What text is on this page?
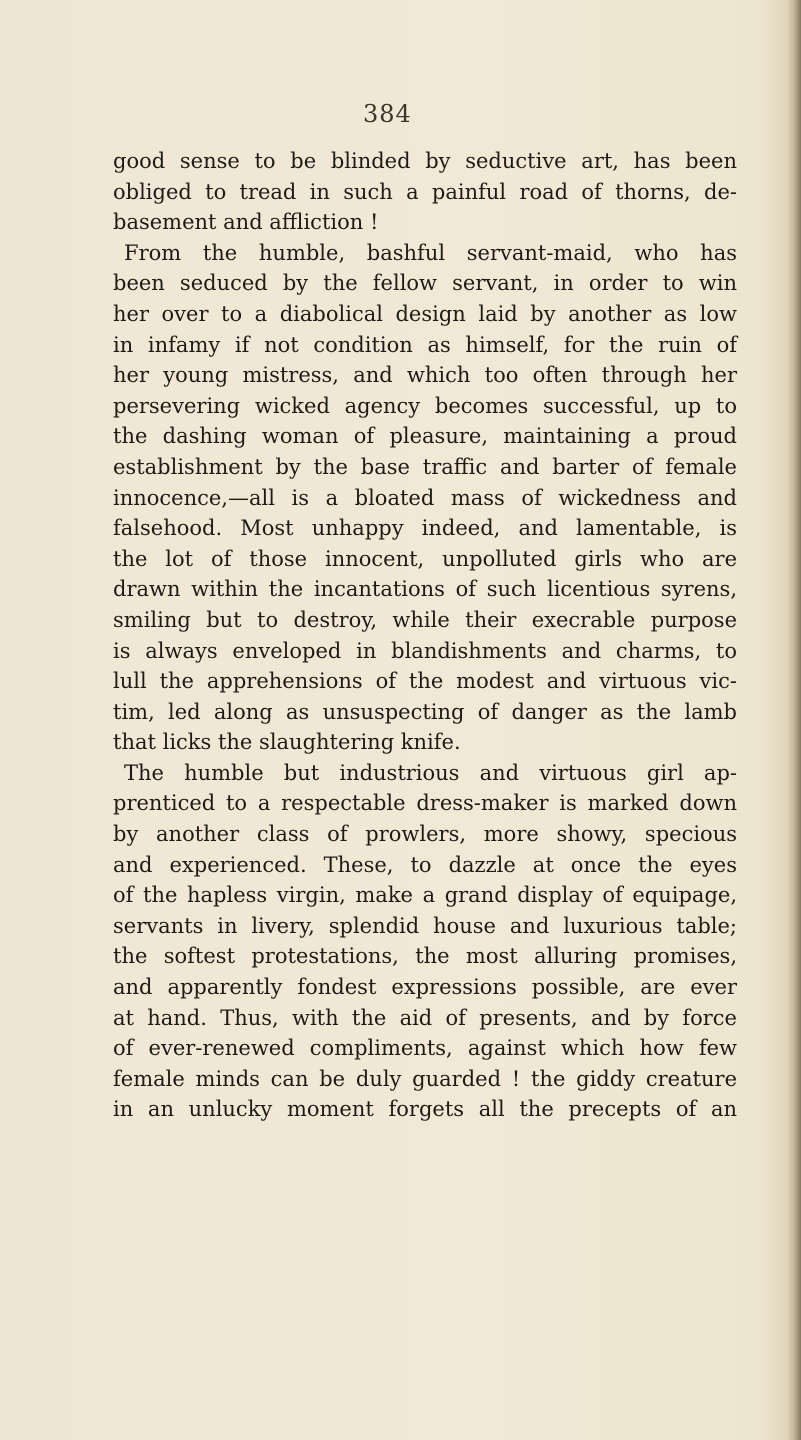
384

good sense to be blinded by seductive art, has been

obliged to tread in such a painful road of thorns, de-

basement and affliction !

From the humble, bashful servant-maid, who has

been seduced by the fellow servant, in order to win

her over to a diabolical design laid by another as low

in infamy if not condition as himself, for the ruin of

her young mistress, and which too often through her

persevering wicked agency becomes successful, up to

the dashing woman of pleasure, maintaining a proud

establishment by the base traffic and barter of female

innocence,—all is a bloated mass of wickedness and

falsehood. Most unhappy indeed, and lamentable, is

the lot of those innocent, unpolluted girls who are

drawn within the incantations of such licentious syrens,

smiling but to destroy, while their execrable purpose

is always enveloped in blandishments and charms, to

lull the apprehensions of the modest and virtuous vic-

tim, led along as unsuspecting of danger as the lamb

that licks the slaughtering knife.

The humble but industrious and virtuous girl ap-

prenticed to a respectable dress-maker is marked down

by another class of prowlers, more showy, specious

and experienced. These, to dazzle at once the eyes

of the hapless virgin, make a grand display of equipage,

servants in livery, splendid house and luxurious table;

the softest protestations, the most alluring promises,

and apparently fondest expressions possible, are ever

at hand. Thus, with the aid of presents, and by force

of ever-renewed compliments, against which how few

female minds can be duly guarded ! the giddy creature

in an unlucky moment forgets all the precepts of an
